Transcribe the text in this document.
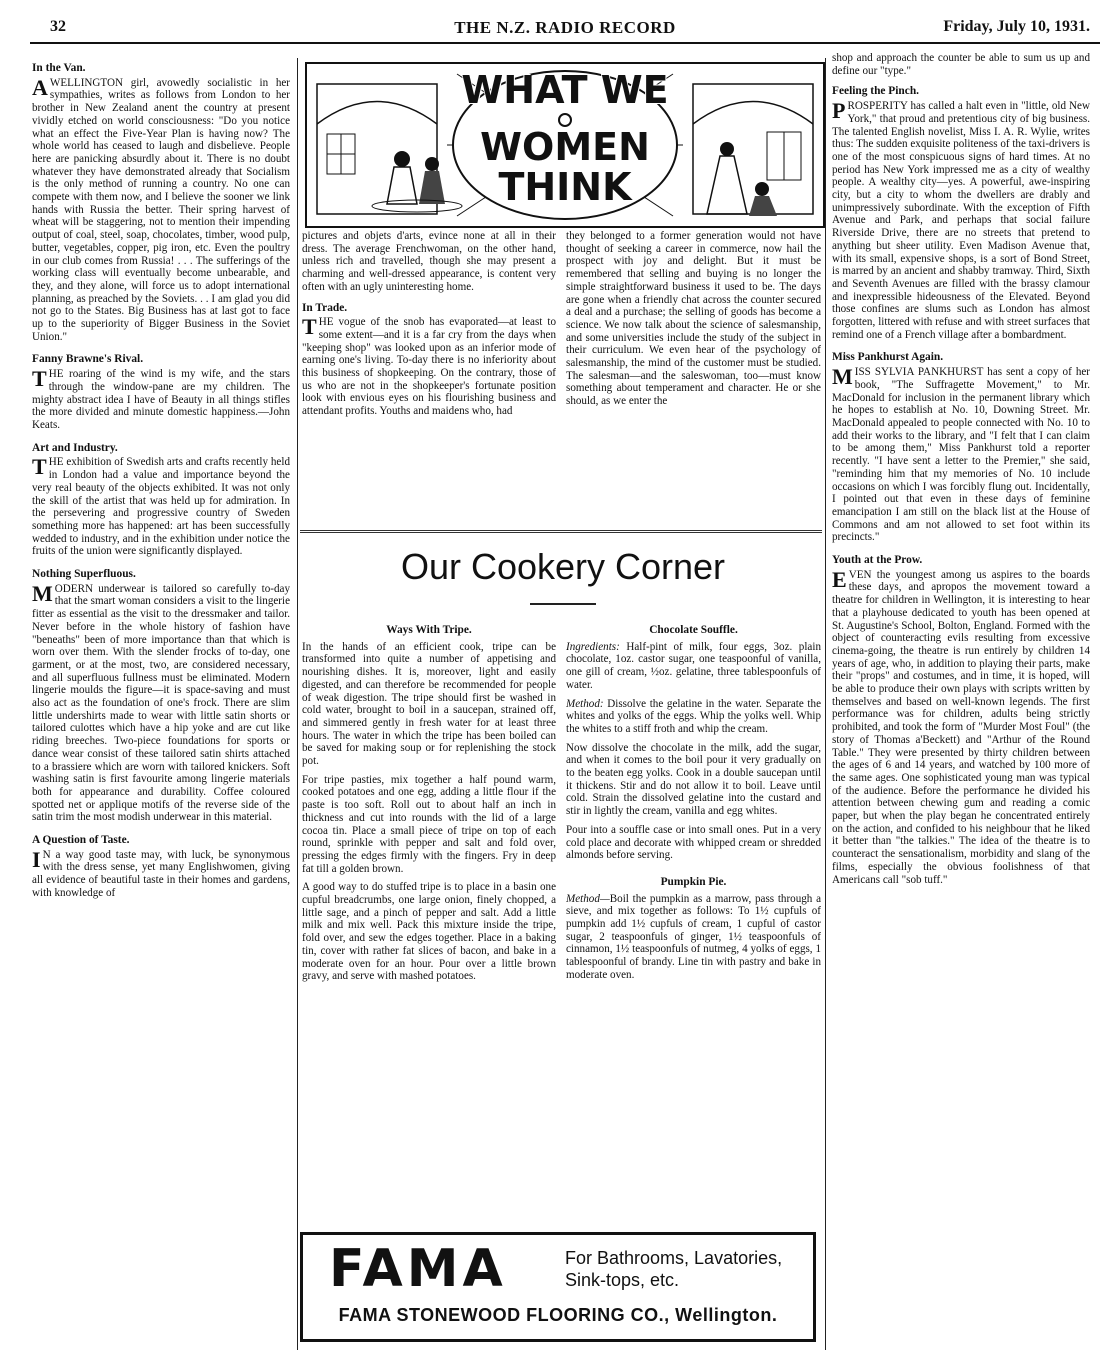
32	THE N.Z. RADIO RECORD	Friday, July 10, 1931.
In the Van.

AWELLINGTON girl, avowedly socialistic in her sympathies, writes as follows from London to her brother in New Zealand anent the country at present vividly etched on world consciousness: "Do you notice what an effect the Five-Year Plan is having now? The whole world has ceased to laugh and disbelieve. People here are panicking absurdly about it. There is no doubt whatever they have demonstrated already that Socialism is the only method of running a country. No one can compete with them now, and I believe the sooner we link hands with Russia the better. Their spring harvest of wheat will be staggering, not to mention their impending output of coal, steel, soap, chocolates, timber, wood pulp, butter, vegetables, copper, pig iron, etc. Even the poultry in our club comes from Russia! . . . The sufferings of the working class will eventually become unbearable, and they, and they alone, will force us to adopt international planning, as preached by the Soviets. . . I am glad you did not go to the States. Big Business has at last got to face up to the superiority of Bigger Business in the Soviet Union."

Fanny Brawne's Rival.

THE roaring of the wind is my wife, and the stars through the window-pane are my children. The mighty abstract idea I have of Beauty in all things stifles the more divided and minute domestic happiness.—John Keats.

Art and Industry.

THE exhibition of Swedish arts and crafts recently held in London had a value and importance beyond the very real beauty of the objects exhibited. It was not only the skill of the artist that was held up for admiration. In the persevering and progressive country of Sweden something more has happened: art has been successfully wedded to industry, and in the exhibition under notice the fruits of the union were significantly displayed.

Nothing Superfluous.

MODERN underwear is tailored so carefully to-day that the smart woman considers a visit to the lingerie fitter as essential as the visit to the dressmaker and tailor. Never before in the whole history of fashion have "beneaths" been of more importance than that which is worn over them. With the slender frocks of to-day, one garment, or at the most, two, are considered necessary, and all superfluous fullness must be eliminated. Modern lingerie moulds the figure—it is space-saving and must also act as the foundation of one's frock. There are slim little undershirts made to wear with little satin shorts or tailored culottes which have a hip yoke and are cut like riding breeches. Two-piece foundations for sports or dance wear consist of these tailored satin shirts attached to a brassiere which are worn with tailored knickers. Soft washing satin is first favourite among lingerie materials both for appearance and durability. Coffee coloured spotted net or applique motifs of the reverse side of the satin trim the most modish underwear in this material.

A Question of Taste.

I N a way good taste may, with luck, be synonymous with the dress sense, yet many Englishwomen, giving all evidence of beautiful taste in their homes and gardens, with knowledge of

WHAT WE
WOMEN
THINK

pictures and objets d'arts, evince none at all in their dress. The average Frenchwoman, on the other hand, unless rich and travelled, though she may present a charming and well-dressed appearance, is content very often with an ugly uninteresting home.

In Trade.

THE vogue of the snob has evaporated—at least to some extent—and it is a far cry from the days when "keeping shop" was looked upon as an inferior mode of earning one's living. To-day there is no inferiority about this business of shopkeeping. On the contrary, those of us who are not in the shopkeeper's fortunate position look with envious eyes on his flourishing business and attendant profits. Youths and maidens who, had

they belonged to a former generation would not have thought of seeking a career in commerce, now hail the prospect with joy and delight. But it must be remembered that selling and buying is no longer the simple straightforward business it used to be. The days are gone when a friendly chat across the counter secured a deal and a purchase; the selling of goods has become a science. We now talk about the science of salesmanship, and some universities include the study of the subject in their curriculum. We even hear of the psychology of salesmanship, the mind of the customer must be studied. The salesman—and the saleswoman, too—must know something about temperament and character. He or she should, as we enter the

Our Cookery Corner
Ways With Tripe.

In the hands of an efficient cook, tripe can be transformed into quite a number of appetising and nourishing dishes. It is, moreover, light and easily digested, and can therefore be recommended for people of weak digestion. The tripe should first be washed in cold water, brought to boil in a saucepan, strained off, and simmered gently in fresh water for at least three hours. The water in which the tripe has been boiled can be saved for making soup or for replenishing the stock pot.

For tripe pasties, mix together a half pound warm, cooked potatoes and one egg, adding a little flour if the paste is too soft. Roll out to about half an inch in thickness and cut into rounds with the lid of a large cocoa tin. Place a small piece of tripe on top of each round, sprinkle with pepper and salt and fold over, pressing the edges firmly with the fingers. Fry in deep fat till a golden brown.

A good way to do stuffed tripe is to place in a basin one cupful breadcrumbs, one large onion, finely chopped, a little sage, and a pinch of pepper and salt. Add a little milk and mix well. Pack this mixture inside the tripe, fold over, and sew the edges together. Place in a baking tin, cover with rather fat slices of bacon, and bake in a moderate oven for an hour. Pour over a little brown gravy, and serve with mashed potatoes.

Chocolate Souffle.

Ingredients: Half-pint of milk, four eggs, 3oz. plain chocolate, 1oz. castor sugar, one teaspoonful of vanilla, one gill of cream, ½oz. gelatine, three tablespoonfuls of water.

Method: Dissolve the gelatine in the water. Separate the whites and yolks of the eggs. Whip the yolks well. Whip the whites to a stiff froth and whip the cream.

Now dissolve the chocolate in the milk, add the sugar, and when it comes to the boil pour it very gradually on to the beaten egg yolks. Cook in a double saucepan until it thickens. Stir and do not allow it to boil. Leave until cold. Strain the dissolved gelatine into the custard and stir in lightly the cream, vanilla and egg whites.

Pour into a souffle case or into small ones. Put in a very cold place and decorate with whipped cream or shredded almonds before serving.

Pumpkin Pie.

Method—Boil the pumpkin as a marrow, pass through a sieve, and mix together as follows: To 1½ cupfuls of pumpkin add 1½ cupfuls of cream, 1 cupful of castor sugar, 2 teaspoonfuls of ginger, 1½ teaspoonfuls of cinnamon, 1½ teaspoonfuls of nutmeg, 4 yolks of eggs, 1 tablespoonful of brandy. Line tin with pastry and bake in moderate oven.

FAMA	For Bathrooms, Lavatories,
Sink-tops, etc.
FAMA STONEWOOD FLOORING CO., Wellington.

shop and approach the counter be able to sum us up and define our "type."

Feeling the Pinch.

PROSPERITY has called a halt even in "little, old New York," that proud and pretentious city of big business. The talented English novelist, Miss I. A. R. Wylie, writes thus: The sudden exquisite politeness of the taxi-drivers is one of the most conspicuous signs of hard times. At no period has New York impressed me as a city of wealthy people. A wealthy city—yes. A powerful, awe-inspiring city, but a city to whom the dwellers are drably and unimpressively subordinate. With the exception of Fifth Avenue and Park, and perhaps that social failure Riverside Drive, there are no streets that pretend to anything but sheer utility. Even Madison Avenue that, with its small, expensive shops, is a sort of Bond Street, is marred by an ancient and shabby tramway. Third, Sixth and Seventh Avenues are filled with the brassy clamour and inexpressible hideousness of the Elevated. Beyond those confines are slums such as London has almost forgotten, littered with refuse and with street surfaces that remind one of a French village after a bombardment.

Miss Pankhurst Again.

MISS SYLVIA PANKHURST has sent a copy of her book, "The Suffragette Movement," to Mr. MacDonald for inclusion in the permanent library which he hopes to establish at No. 10, Downing Street. Mr. MacDonald appealed to people connected with No. 10 to add their works to the library, and "I felt that I can claim to be among them," Miss Pankhurst told a reporter recently. "I have sent a letter to the Premier," she said, "reminding him that my memories of No. 10 include occasions on which I was forcibly flung out. Incidentally, I pointed out that even in these days of feminine emancipation I am still on the black list at the House of Commons and am not allowed to set foot within its precincts."

Youth at the Prow.

EVEN the youngest among us aspires to the boards these days, and apropos the movement toward a theatre for children in Wellington, it is interesting to hear that a playhouse dedicated to youth has been opened at St. Augustine's School, Bolton, England. Formed with the object of counteracting evils resulting from excessive cinema-going, the theatre is run entirely by children 14 years of age, who, in addition to playing their parts, make their "props" and costumes, and in time, it is hoped, will be able to produce their own plays with scripts written by themselves and based on well-known legends. The first performance was for children, adults being strictly prohibited, and took the form of "Murder Most Foul" (the story of Thomas a'Beckett) and "Arthur of the Round Table." They were presented by thirty children between the ages of 6 and 14 years, and watched by 100 more of the same ages. One sophisticated young man was typical of the audience. Before the performance he divided his attention between chewing gum and reading a comic paper, but when the play began he concentrated entirely on the action, and confided to his neighbour that he liked it better than "the talkies." The idea of the theatre is to counteract the sensationalism, morbidity and slang of the films, especially the obvious foolishness of that Americans call "sob tuff."
